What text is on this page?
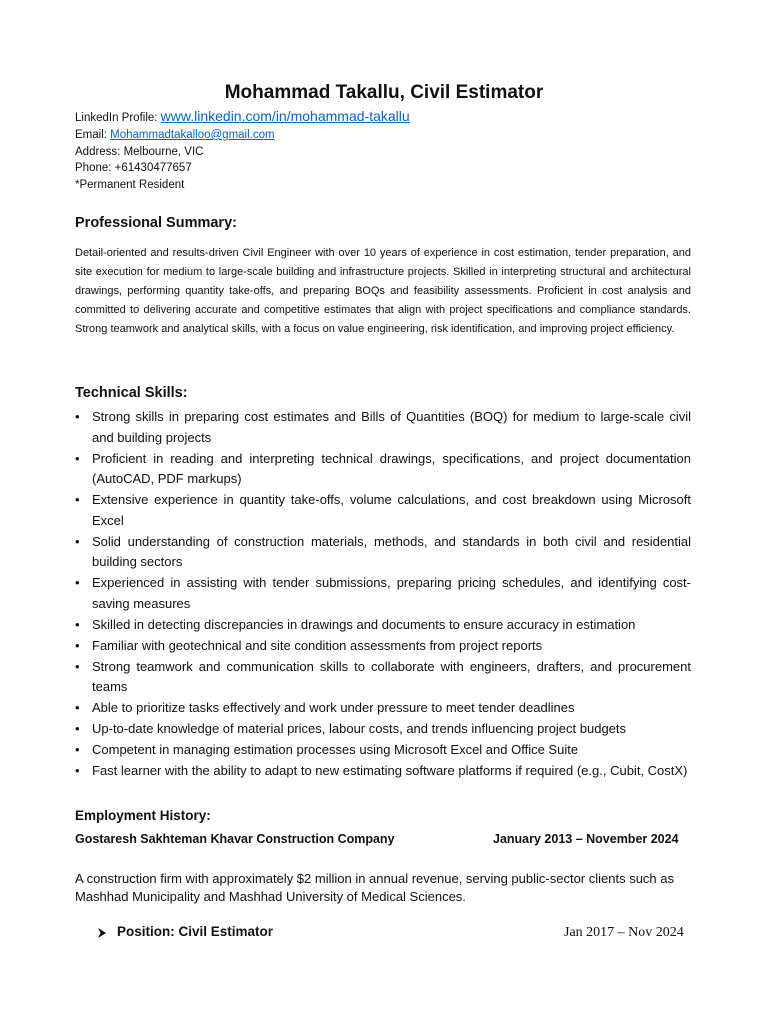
Mohammad Takallu, Civil Estimator
LinkedIn Profile: www.linkedin.com/in/mohammad-takallu
Email: Mohammadtakalloo@gmail.com
Address: Melbourne, VIC
Phone: +61430477657
*Permanent Resident
Professional Summary:
Detail-oriented and results-driven Civil Engineer with over 10 years of experience in cost estimation, tender preparation, and site execution for medium to large-scale building and infrastructure projects. Skilled in interpreting structural and architectural drawings, performing quantity take-offs, and preparing BOQs and feasibility assessments. Proficient in cost analysis and committed to delivering accurate and competitive estimates that align with project specifications and compliance standards. Strong teamwork and analytical skills, with a focus on value engineering, risk identification, and improving project efficiency.
Technical Skills:
• Strong skills in preparing cost estimates and Bills of Quantities (BOQ) for medium to large-scale civil and building projects
• Proficient in reading and interpreting technical drawings, specifications, and project documentation (AutoCAD, PDF markups)
• Extensive experience in quantity take-offs, volume calculations, and cost breakdown using Microsoft Excel
• Solid understanding of construction materials, methods, and standards in both civil and residential building sectors
• Experienced in assisting with tender submissions, preparing pricing schedules, and identifying cost-saving measures
• Skilled in detecting discrepancies in drawings and documents to ensure accuracy in estimation
• Familiar with geotechnical and site condition assessments from project reports
• Strong teamwork and communication skills to collaborate with engineers, drafters, and procurement teams
• Able to prioritize tasks effectively and work under pressure to meet tender deadlines
• Up-to-date knowledge of material prices, labour costs, and trends influencing project budgets
• Competent in managing estimation processes using Microsoft Excel and Office Suite
• Fast learner with the ability to adapt to new estimating software platforms if required (e.g., Cubit, CostX)
Employment History:
Gostaresh Sakhteman Khavar Construction Company	January 2013 – November 2024
A construction firm with approximately $2 million in annual revenue, serving public-sector clients such as Mashhad Municipality and Mashhad University of Medical Sciences.
Position: Civil Estimator	Jan 2017 – Nov 2024
